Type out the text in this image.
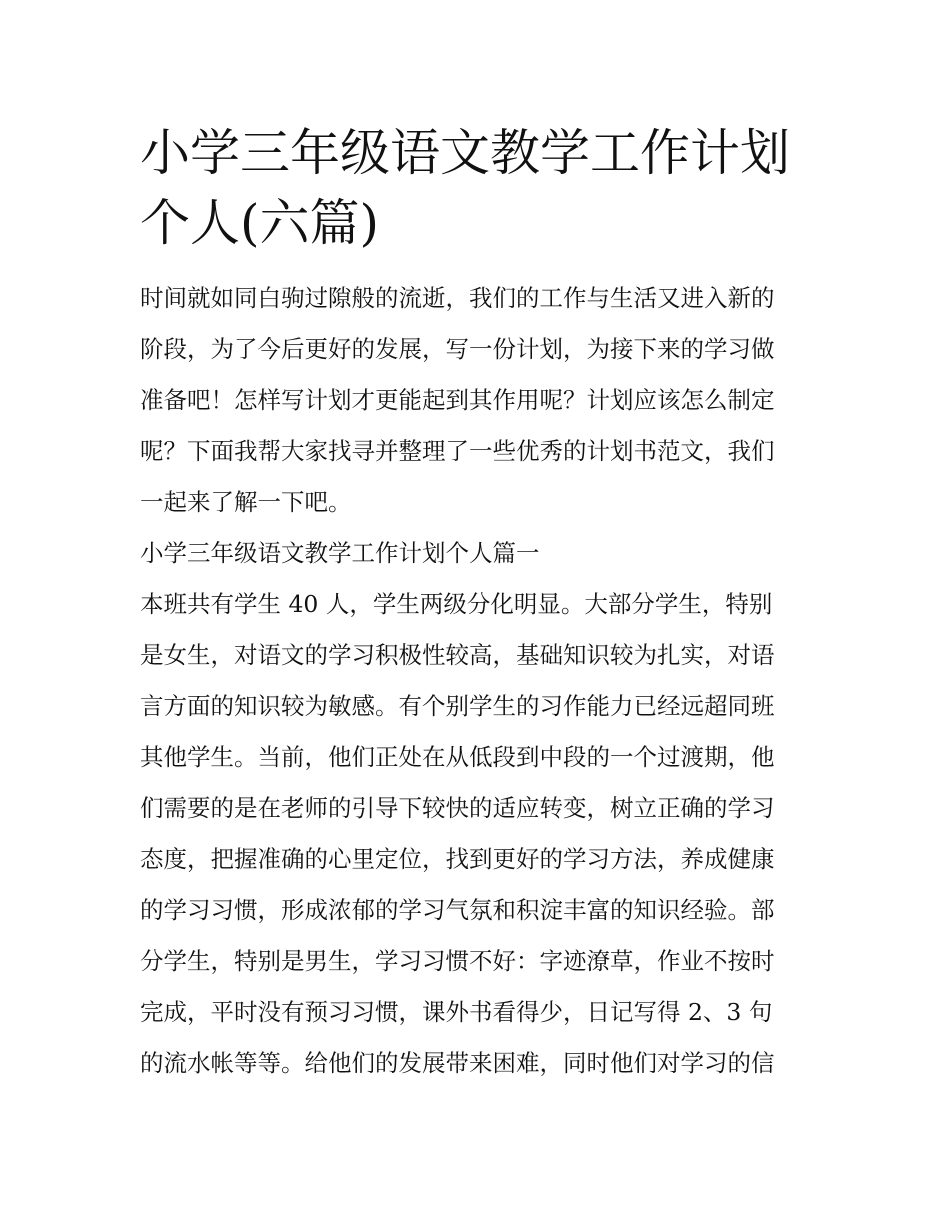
小学三年级语文教学工作计划
个人(六篇)

时间就如同白驹过隙般的流逝，我们的工作与生活又进入新的
阶段，为了今后更好的发展，写一份计划，为接下来的学习做
准备吧！怎样写计划才更能起到其作用呢？计划应该怎么制定
呢？下面我帮大家找寻并整理了一些优秀的计划书范文，我们
一起来了解一下吧。

小学三年级语文教学工作计划个人篇一

本班共有学生 40 人，学生两级分化明显。大部分学生，特别
是女生，对语文的学习积极性较高，基础知识较为扎实，对语
言方面的知识较为敏感。有个别学生的习作能力已经远超同班
其他学生。当前，他们正处在从低段到中段的一个过渡期，他
们需要的是在老师的引导下较快的适应转变，树立正确的学习
态度，把握准确的心里定位，找到更好的学习方法，养成健康
的学习习惯，形成浓郁的学习气氛和积淀丰富的知识经验。部
分学生，特别是男生，学习习惯不好：字迹潦草，作业不按时
完成，平时没有预习习惯，课外书看得少，日记写得 2、3 句
的流水帐等等。给他们的发展带来困难，同时他们对学习的信
